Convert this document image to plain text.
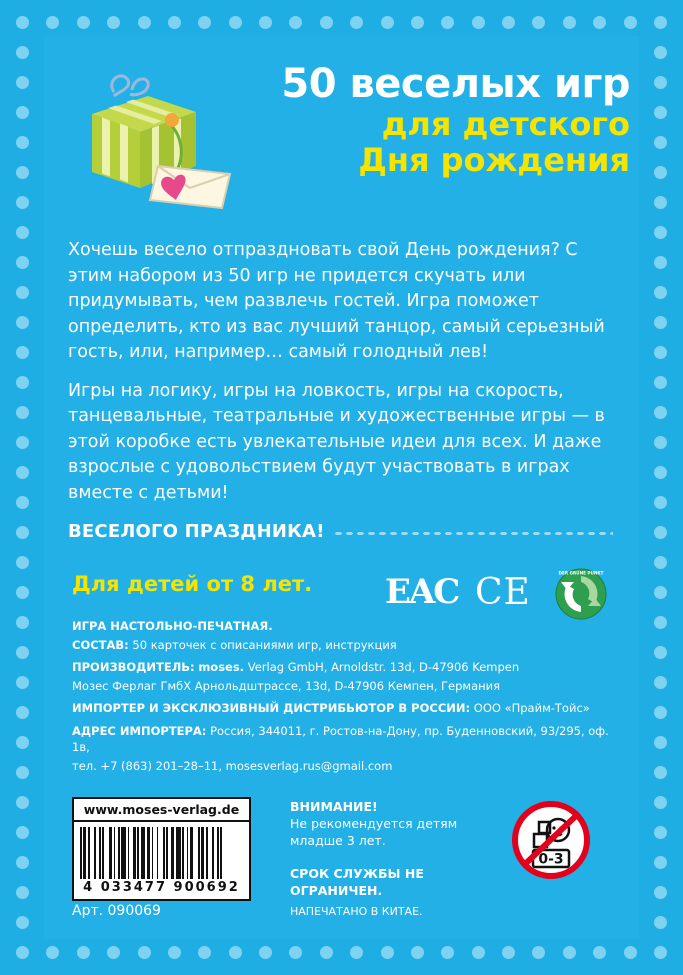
50 веселых игр
для детского
Дня рождения

Хочешь весело отпраздновать свой День рождения? С этим набором из 50 игр не придется скучать или придумывать, чем развлечь гостей. Игра поможет определить, кто из вас лучший танцор, самый серьезный гость, или, например… самый голодный лев!

Игры на логику, игры на ловкость, игры на скорость, танцевальные, театральные и художественные игры — в этой коробке есть увлекательные идеи для всех. И даже взрослые с удовольствием будут участвовать в играх вместе с детьми!

ВЕСЕЛОГО ПРАЗДНИКА!
Для детей от 8 лет. ЕAC CE	DER GRÜNE PUNKT
ИГРА НАСТОЛЬНО-ПЕЧАТНАЯ.
СОСТАВ: 50 карточек с описаниями игр, инструкция
ПРОИЗВОДИТЕЛЬ: moses. Verlag GmbH, Arnoldstr. 13d, D-47906 Kempen
Мозес Ферлаг ГмбХ Арнольдштрассе, 13d, D-47906 Кемпен, Германия
ИМПОРТЕР И ЭКСКЛЮЗИВНЫЙ ДИСТРИБЬЮТОР В РОССИИ: ООО «Прайм-Тойс»
АДРЕС ИМПОРТЕРА: Россия, 344011, г. Ростов-на-Дону, пр. Буденновский, 93/295, оф. 1в,
тел. +7 (863) 201–28–11, mosesverlag.rus@gmail.com
www.moses-verlag.de
4 033477 900692
Арт. 090069
ВНИМАНИЕ!
Не рекомендуется детям
младше 3 лет.
СРОК СЛУЖБЫ НЕ ОГРАНИЧЕН.
НАПЕЧАТАНО В КИТАЕ.
0-3
